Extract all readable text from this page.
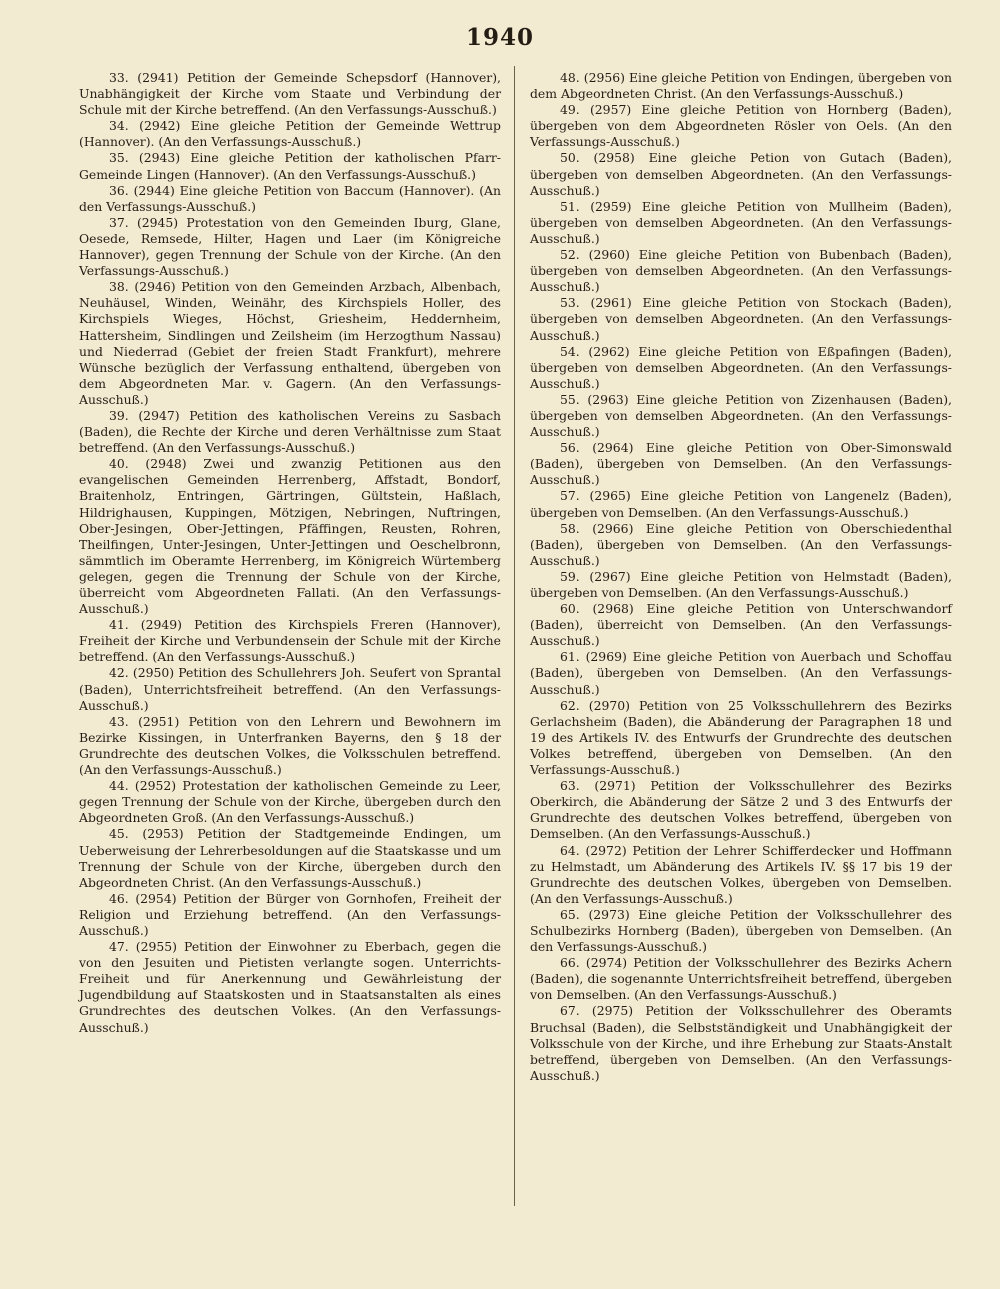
1940

33. (2941) Petition der Gemeinde Schepsdorf (Hannover), Unabhängigkeit der Kirche vom Staate und Verbindung der Schule mit der Kirche betreffend. (An den Verfassungs-Ausschuß.)

34. (2942) Eine gleiche Petition der Gemeinde Wettrup (Hannover). (An den Verfassungs-Ausschuß.)

35. (2943) Eine gleiche Petition der katholischen Pfarr-Gemeinde Lingen (Hannover). (An den Verfassungs-Ausschuß.)

36. (2944) Eine gleiche Petition von Baccum (Hannover). (An den Verfassungs-Ausschuß.)

37. (2945) Protestation von den Gemeinden Iburg, Glane, Oesede, Remsede, Hilter, Hagen und Laer (im Königreiche Hannover), gegen Trennung der Schule von der Kirche. (An den Verfassungs-Ausschuß.)

38. (2946) Petition von den Gemeinden Arzbach, Albenbach, Neuhäusel, Winden, Weinähr, des Kirchspiels Holler, des Kirchspiels Wieges, Höchst, Griesheim, Heddernheim, Hattersheim, Sindlingen und Zeilsheim (im Herzogthum Nassau) und Niederrad (Gebiet der freien Stadt Frankfurt), mehrere Wünsche bezüglich der Verfassung enthaltend, übergeben von dem Abgeordneten Mar. v. Gagern. (An den Verfassungs-Ausschuß.)

39. (2947) Petition des katholischen Vereins zu Sasbach (Baden), die Rechte der Kirche und deren Verhältnisse zum Staat betreffend. (An den Verfassungs-Ausschuß.)

40. (2948) Zwei und zwanzig Petitionen aus den evangelischen Gemeinden Herrenberg, Affstadt, Bondorf, Braitenholz, Entringen, Gärtringen, Gültstein, Haßlach, Hildrighausen, Kuppingen, Mötzigen, Nebringen, Nuftringen, Ober-Jesingen, Ober-Jettingen, Pfäffingen, Reusten, Rohren, Theilfingen, Unter-Jesingen, Unter-Jettingen und Oeschelbronn, sämmtlich im Oberamte Herrenberg, im Königreich Würtemberg gelegen, gegen die Trennung der Schule von der Kirche, überreicht vom Abgeordneten Fallati. (An den Verfassungs-Ausschuß.)

41. (2949) Petition des Kirchspiels Freren (Hannover), Freiheit der Kirche und Verbundensein der Schule mit der Kirche betreffend. (An den Verfassungs-Ausschuß.)

42. (2950) Petition des Schullehrers Joh. Seufert von Sprantal (Baden), Unterrichtsfreiheit betreffend. (An den Verfassungs-Ausschuß.)

43. (2951) Petition von den Lehrern und Bewohnern im Bezirke Kissingen, in Unterfranken Bayerns, den § 18 der Grundrechte des deutschen Volkes, die Volksschulen betreffend. (An den Verfassungs-Ausschuß.)

44. (2952) Protestation der katholischen Gemeinde zu Leer, gegen Trennung der Schule von der Kirche, übergeben durch den Abgeordneten Groß. (An den Verfassungs-Ausschuß.)

45. (2953) Petition der Stadtgemeinde Endingen, um Ueberweisung der Lehrerbesoldungen auf die Staatskasse und um Trennung der Schule von der Kirche, übergeben durch den Abgeordneten Christ. (An den Verfassungs-Ausschuß.)

46. (2954) Petition der Bürger von Gornhofen, Freiheit der Religion und Erziehung betreffend. (An den Verfassungs-Ausschuß.)

47. (2955) Petition der Einwohner zu Eberbach, gegen die von den Jesuiten und Pietisten verlangte sogen. Unterrichts-Freiheit und für Anerkennung und Gewährleistung der Jugendbildung auf Staatskosten und in Staatsanstalten als eines Grundrechtes des deutschen Volkes. (An den Verfassungs-Ausschuß.)

48. (2956) Eine gleiche Petition von Endingen, übergeben von dem Abgeordneten Christ. (An den Verfassungs-Ausschuß.)

49. (2957) Eine gleiche Petition von Hornberg (Baden), übergeben von dem Abgeordneten Rösler von Oels. (An den Verfassungs-Ausschuß.)

50. (2958) Eine gleiche Petion von Gutach (Baden), übergeben von demselben Abgeordneten. (An den Verfassungs-Ausschuß.)

51. (2959) Eine gleiche Petition von Mullheim (Baden), übergeben von demselben Abgeordneten. (An den Verfassungs-Ausschuß.)

52. (2960) Eine gleiche Petition von Bubenbach (Baden), übergeben von demselben Abgeordneten. (An den Verfassungs-Ausschuß.)

53. (2961) Eine gleiche Petition von Stockach (Baden), übergeben von demselben Abgeordneten. (An den Verfassungs-Ausschuß.)

54. (2962) Eine gleiche Petition von Eßpafingen (Baden), übergeben von demselben Abgeordneten. (An den Verfassungs-Ausschuß.)

55. (2963) Eine gleiche Petition von Zizenhausen (Baden), übergeben von demselben Abgeordneten. (An den Verfassungs-Ausschuß.)

56. (2964) Eine gleiche Petition von Ober-Simonswald (Baden), übergeben von Demselben. (An den Verfassungs-Ausschuß.)

57. (2965) Eine gleiche Petition von Langenelz (Baden), übergeben von Demselben. (An den Verfassungs-Ausschuß.)

58. (2966) Eine gleiche Petition von Oberschiedenthal (Baden), übergeben von Demselben. (An den Verfassungs-Ausschuß.)

59. (2967) Eine gleiche Petition von Helmstadt (Baden), übergeben von Demselben. (An den Verfassungs-Ausschuß.)

60. (2968) Eine gleiche Petition von Unterschwandorf (Baden), überreicht von Demselben. (An den Verfassungs-Ausschuß.)

61. (2969) Eine gleiche Petition von Auerbach und Schoffau (Baden), übergeben von Demselben. (An den Verfassungs-Ausschuß.)

62. (2970) Petition von 25 Volksschullehrern des Bezirks Gerlachsheim (Baden), die Abänderung der Paragraphen 18 und 19 des Artikels IV. des Entwurfs der Grundrechte des deutschen Volkes betreffend, übergeben von Demselben. (An den Verfassungs-Ausschuß.)

63. (2971) Petition der Volksschullehrer des Bezirks Oberkirch, die Abänderung der Sätze 2 und 3 des Entwurfs der Grundrechte des deutschen Volkes betreffend, übergeben von Demselben. (An den Verfassungs-Ausschuß.)

64. (2972) Petition der Lehrer Schifferdecker und Hoffmann zu Helmstadt, um Abänderung des Artikels IV. §§ 17 bis 19 der Grundrechte des deutschen Volkes, übergeben von Demselben. (An den Verfassungs-Ausschuß.)

65. (2973) Eine gleiche Petition der Volksschullehrer des Schulbezirks Hornberg (Baden), übergeben von Demselben. (An den Verfassungs-Ausschuß.)

66. (2974) Petition der Volksschullehrer des Bezirks Achern (Baden), die sogenannte Unterrichtsfreiheit betreffend, übergeben von Demselben. (An den Verfassungs-Ausschuß.)

67. (2975) Petition der Volksschullehrer des Oberamts Bruchsal (Baden), die Selbstständigkeit und Unabhängigkeit der Volksschule von der Kirche, und ihre Erhebung zur Staats-Anstalt betreffend, übergeben von Demselben. (An den Verfassungs-Ausschuß.)
